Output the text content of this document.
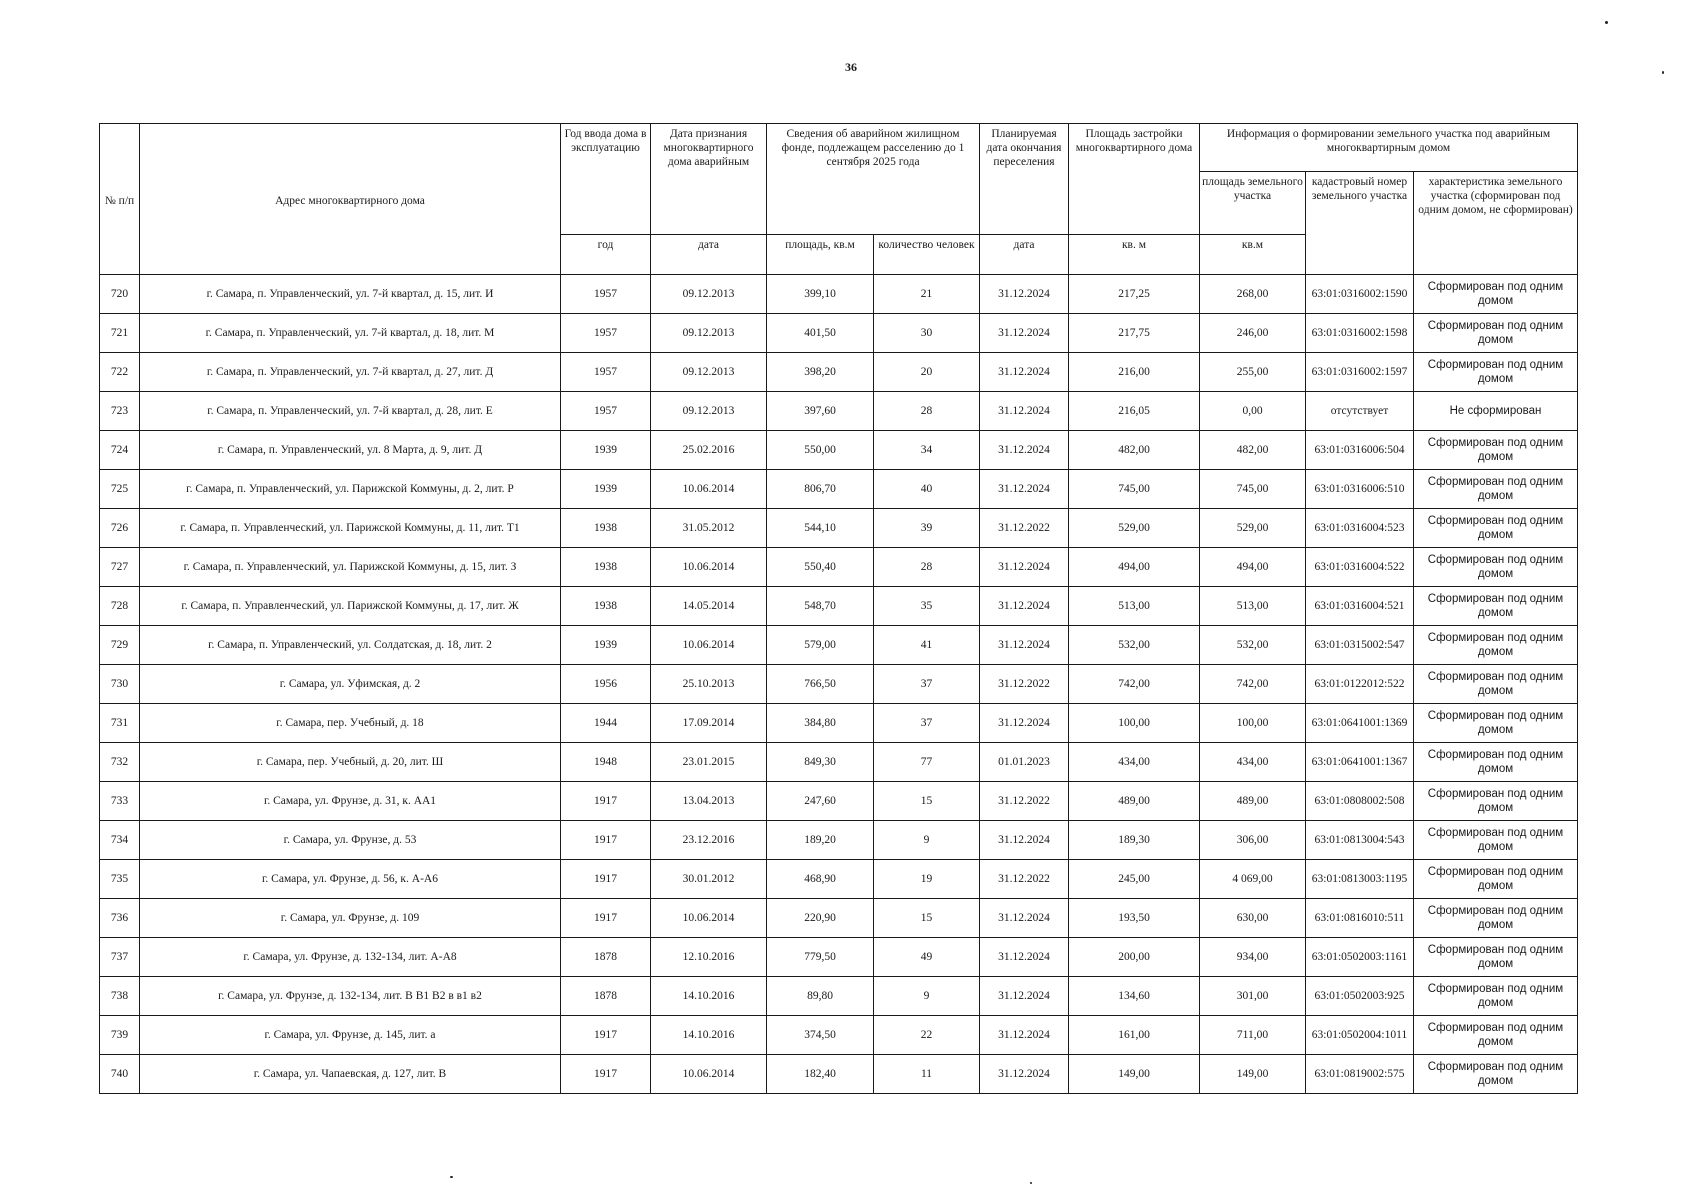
36
№ п/п	Адрес многоквартирного дома	Год ввода дома в эксплуатацию	Дата признания многоквартирного дома аварийным	Сведения об аварийном жилищном фонде, подлежащем расселению до 1 сентября 2025 года		Планируемая дата окончания переселения	Площадь застройки многоквартирного дома	Информация о формировании земельного участка под аварийным многоквартирным домом		
								площадь земельного участка	кадастровый номер земельного участка	характеристика земельного участка (сформирован под одним домом, не сформирован)
		год	дата	площадь, кв.м	количество человек	дата	кв. м	кв.м		
720	г. Самара, п. Управленческий, ул. 7-й квартал, д. 15, лит. И	1957	09.12.2013	399,10	21	31.12.2024	217,25	268,00	63:01:0316002:1590	Сформирован под одним домом
721	г. Самара, п. Управленческий, ул. 7-й квартал, д. 18, лит. М	1957	09.12.2013	401,50	30	31.12.2024	217,75	246,00	63:01:0316002:1598	Сформирован под одним домом
722	г. Самара, п. Управленческий, ул. 7-й квартал, д. 27, лит. Д	1957	09.12.2013	398,20	20	31.12.2024	216,00	255,00	63:01:0316002:1597	Сформирован под одним домом
723	г. Самара, п. Управленческий, ул. 7-й квартал, д. 28, лит. Е	1957	09.12.2013	397,60	28	31.12.2024	216,05	0,00	отсутствует	Не сформирован
724	г. Самара, п. Управленческий, ул. 8 Марта, д. 9, лит. Д	1939	25.02.2016	550,00	34	31.12.2024	482,00	482,00	63:01:0316006:504	Сформирован под одним домом
725	г. Самара, п. Управленческий, ул. Парижской Коммуны, д. 2, лит. Р	1939	10.06.2014	806,70	40	31.12.2024	745,00	745,00	63:01:0316006:510	Сформирован под одним домом
726	г. Самара, п. Управленческий, ул. Парижской Коммуны, д. 11, лит. Т1	1938	31.05.2012	544,10	39	31.12.2022	529,00	529,00	63:01:0316004:523	Сформирован под одним домом
727	г. Самара, п. Управленческий, ул. Парижской Коммуны, д. 15, лит. З	1938	10.06.2014	550,40	28	31.12.2024	494,00	494,00	63:01:0316004:522	Сформирован под одним домом
728	г. Самара, п. Управленческий, ул. Парижской Коммуны, д. 17, лит. Ж	1938	14.05.2014	548,70	35	31.12.2024	513,00	513,00	63:01:0316004:521	Сформирован под одним домом
729	г. Самара, п. Управленческий, ул. Солдатская, д. 18, лит. 2	1939	10.06.2014	579,00	41	31.12.2024	532,00	532,00	63:01:0315002:547	Сформирован под одним домом
730	г. Самара, ул. Уфимская, д. 2	1956	25.10.2013	766,50	37	31.12.2022	742,00	742,00	63:01:0122012:522	Сформирован под одним домом
731	г. Самара, пер. Учебный, д. 18	1944	17.09.2014	384,80	37	31.12.2024	100,00	100,00	63:01:0641001:1369	Сформирован под одним домом
732	г. Самара, пер. Учебный, д. 20, лит. Ш	1948	23.01.2015	849,30	77	01.01.2023	434,00	434,00	63:01:0641001:1367	Сформирован под одним домом
733	г. Самара, ул. Фрунзе, д. 31, к. АА1	1917	13.04.2013	247,60	15	31.12.2022	489,00	489,00	63:01:0808002:508	Сформирован под одним домом
734	г. Самара, ул. Фрунзе, д. 53	1917	23.12.2016	189,20	9	31.12.2024	189,30	306,00	63:01:0813004:543	Сформирован под одним домом
735	г. Самара, ул. Фрунзе, д. 56, к. А-А6	1917	30.01.2012	468,90	19	31.12.2022	245,00	4 069,00	63:01:0813003:1195	Сформирован под одним домом
736	г. Самара, ул. Фрунзе, д. 109	1917	10.06.2014	220,90	15	31.12.2024	193,50	630,00	63:01:0816010:511	Сформирован под одним домом
737	г. Самара, ул. Фрунзе, д. 132-134, лит. А-А8	1878	12.10.2016	779,50	49	31.12.2024	200,00	934,00	63:01:0502003:1161	Сформирован под одним домом
738	г. Самара, ул. Фрунзе, д. 132-134, лит. В В1 В2 в в1 в2	1878	14.10.2016	89,80	9	31.12.2024	134,60	301,00	63:01:0502003:925	Сформирован под одним домом
739	г. Самара, ул. Фрунзе, д. 145, лит. а	1917	14.10.2016	374,50	22	31.12.2024	161,00	711,00	63:01:0502004:1011	Сформирован под одним домом
740	г. Самара, ул. Чапаевская, д. 127, лит. В	1917	10.06.2014	182,40	11	31.12.2024	149,00	149,00	63:01:0819002:575	Сформирован под одним домом
